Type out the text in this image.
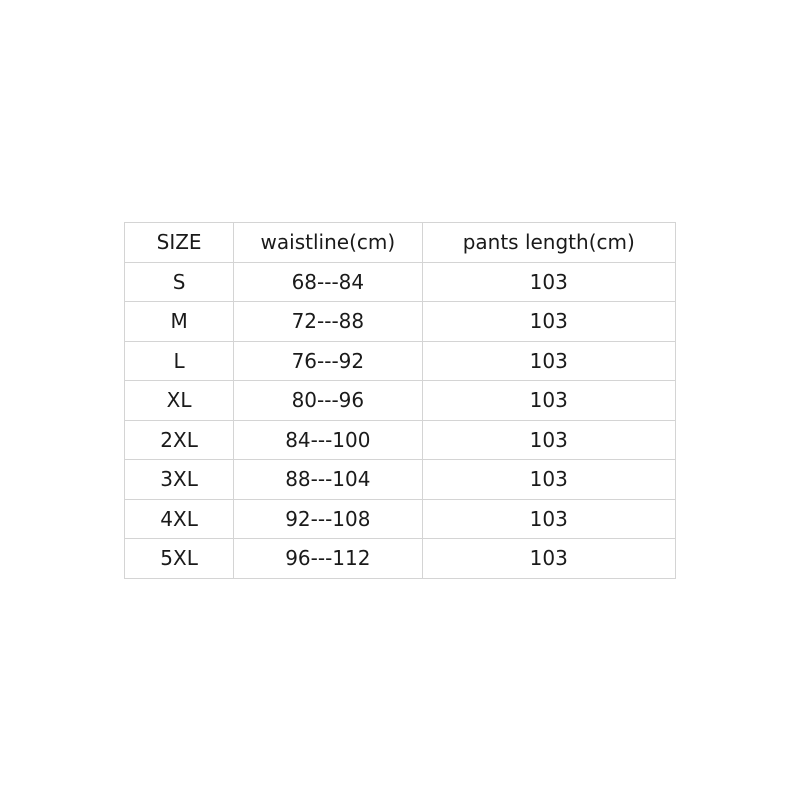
SIZE	waistline(cm)	pants length(cm)
S	68---84	103
M	72---88	103
L	76---92	103
XL	80---96	103
2XL	84---100	103
3XL	88---104	103
4XL	92---108	103
5XL	96---112	103
